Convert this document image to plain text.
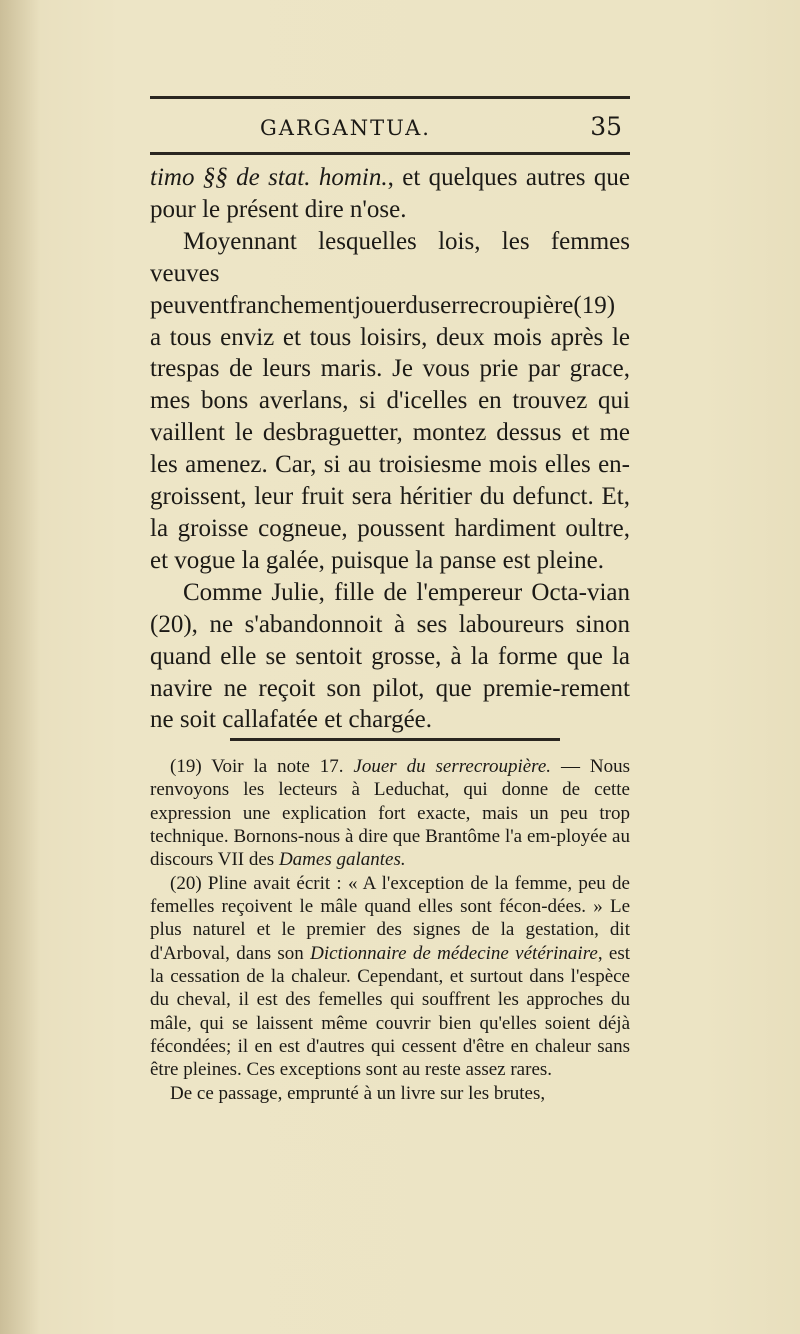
GARGANTUA.	35

timo §§ de stat. homin., et quelques autres que pour le présent dire n'ose.

Moyennant lesquelles lois, les femmes veuves peuventfranchementjouerduserrecroupière(19) a tous enviz et tous loisirs, deux mois après le trespas de leurs maris. Je vous prie par grace, mes bons averlans, si d'icelles en trouvez qui vaillent le desbraguetter, montez dessus et me les amenez. Car, si au troisiesme mois elles en-groissent, leur fruit sera héritier du defunct. Et, la groisse cogneue, poussent hardiment oultre, et vogue la galée, puisque la panse est pleine.

Comme Julie, fille de l'empereur Octa-vian (20), ne s'abandonnoit à ses laboureurs sinon quand elle se sentoit grosse, à la forme que la navire ne reçoit son pilot, que premie-rement ne soit callafatée et chargée.

(19) Voir la note 17. Jouer du serrecroupière. — Nous renvoyons les lecteurs à Leduchat, qui donne de cette expression une explication fort exacte, mais un peu trop technique. Bornons-nous à dire que Brantôme l'a em-ployée au discours VII des Dames galantes.

(20) Pline avait écrit : « A l'exception de la femme, peu de femelles reçoivent le mâle quand elles sont fécon-dées. » Le plus naturel et le premier des signes de la gestation, dit d'Arboval, dans son Dictionnaire de médecine vétérinaire, est la cessation de la chaleur. Cependant, et surtout dans l'espèce du cheval, il est des femelles qui souffrent les approches du mâle, qui se laissent même couvrir bien qu'elles soient déjà fécondées; il en est d'autres qui cessent d'être en chaleur sans être pleines. Ces exceptions sont au reste assez rares.

De ce passage, emprunté à un livre sur les brutes,
